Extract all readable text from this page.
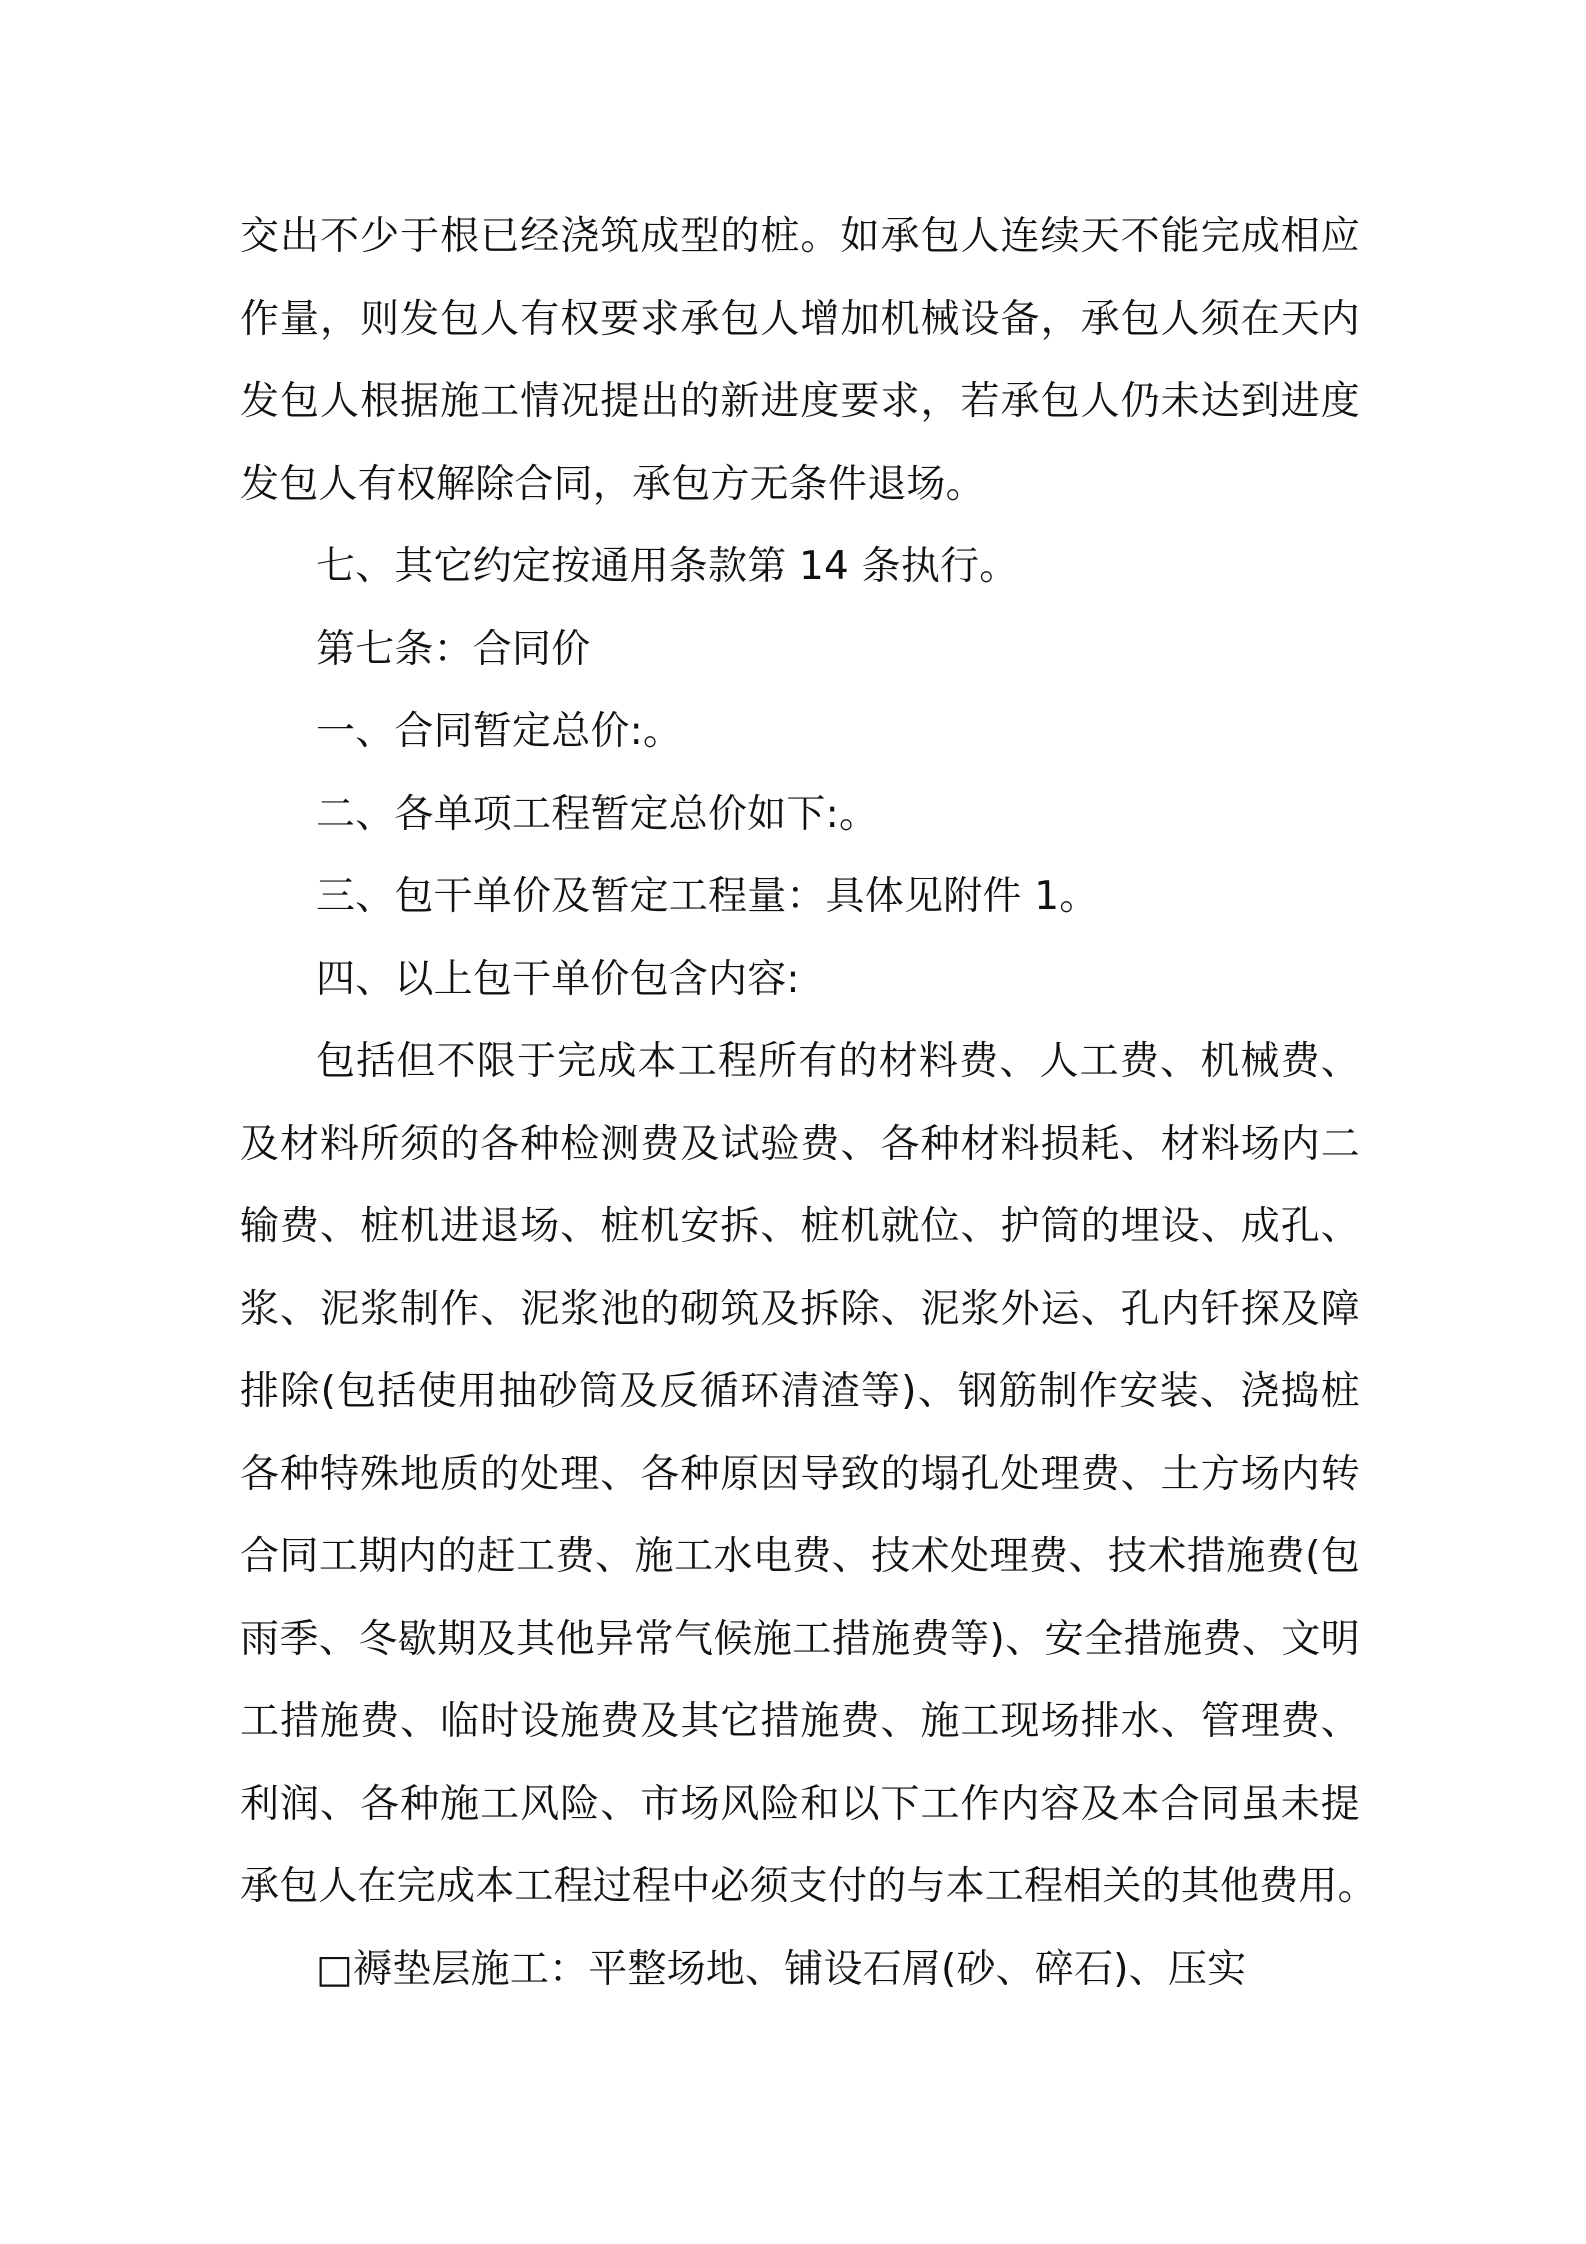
交出不少于根已经浇筑成型的桩。如承包人连续天不能完成相应
作量，则发包人有权要求承包人增加机械设备，承包人须在天内
发包人根据施工情况提出的新进度要求，若承包人仍未达到进度
发包人有权解除合同，承包方无条件退场。
七、其它约定按通用条款第 14 条执行。
第七条：合同价
一、合同暂定总价:。
二、各单项工程暂定总价如下:。
三、包干单价及暂定工程量：具体见附件 1。
四、以上包干单价包含内容:
包括但不限于完成本工程所有的材料费、人工费、机械费、
及材料所须的各种检测费及试验费、各种材料损耗、材料场内二
输费、桩机进退场、桩机安拆、桩机就位、护筒的埋设、成孔、
浆、泥浆制作、泥浆池的砌筑及拆除、泥浆外运、孔内钎探及障
排除(包括使用抽砂筒及反循环清渣等)、钢筋制作安装、浇捣桩
各种特殊地质的处理、各种原因导致的塌孔处理费、土方场内转
合同工期内的赶工费、施工水电费、技术处理费、技术措施费(包
雨季、冬歇期及其他异常气候施工措施费等)、安全措施费、文明
工措施费、临时设施费及其它措施费、施工现场排水、管理费、
利润、各种施工风险、市场风险和以下工作内容及本合同虽未提
承包人在完成本工程过程中必须支付的与本工程相关的其他费用。
□褥垫层施工：平整场地、铺设石屑(砂、碎石)、压实
